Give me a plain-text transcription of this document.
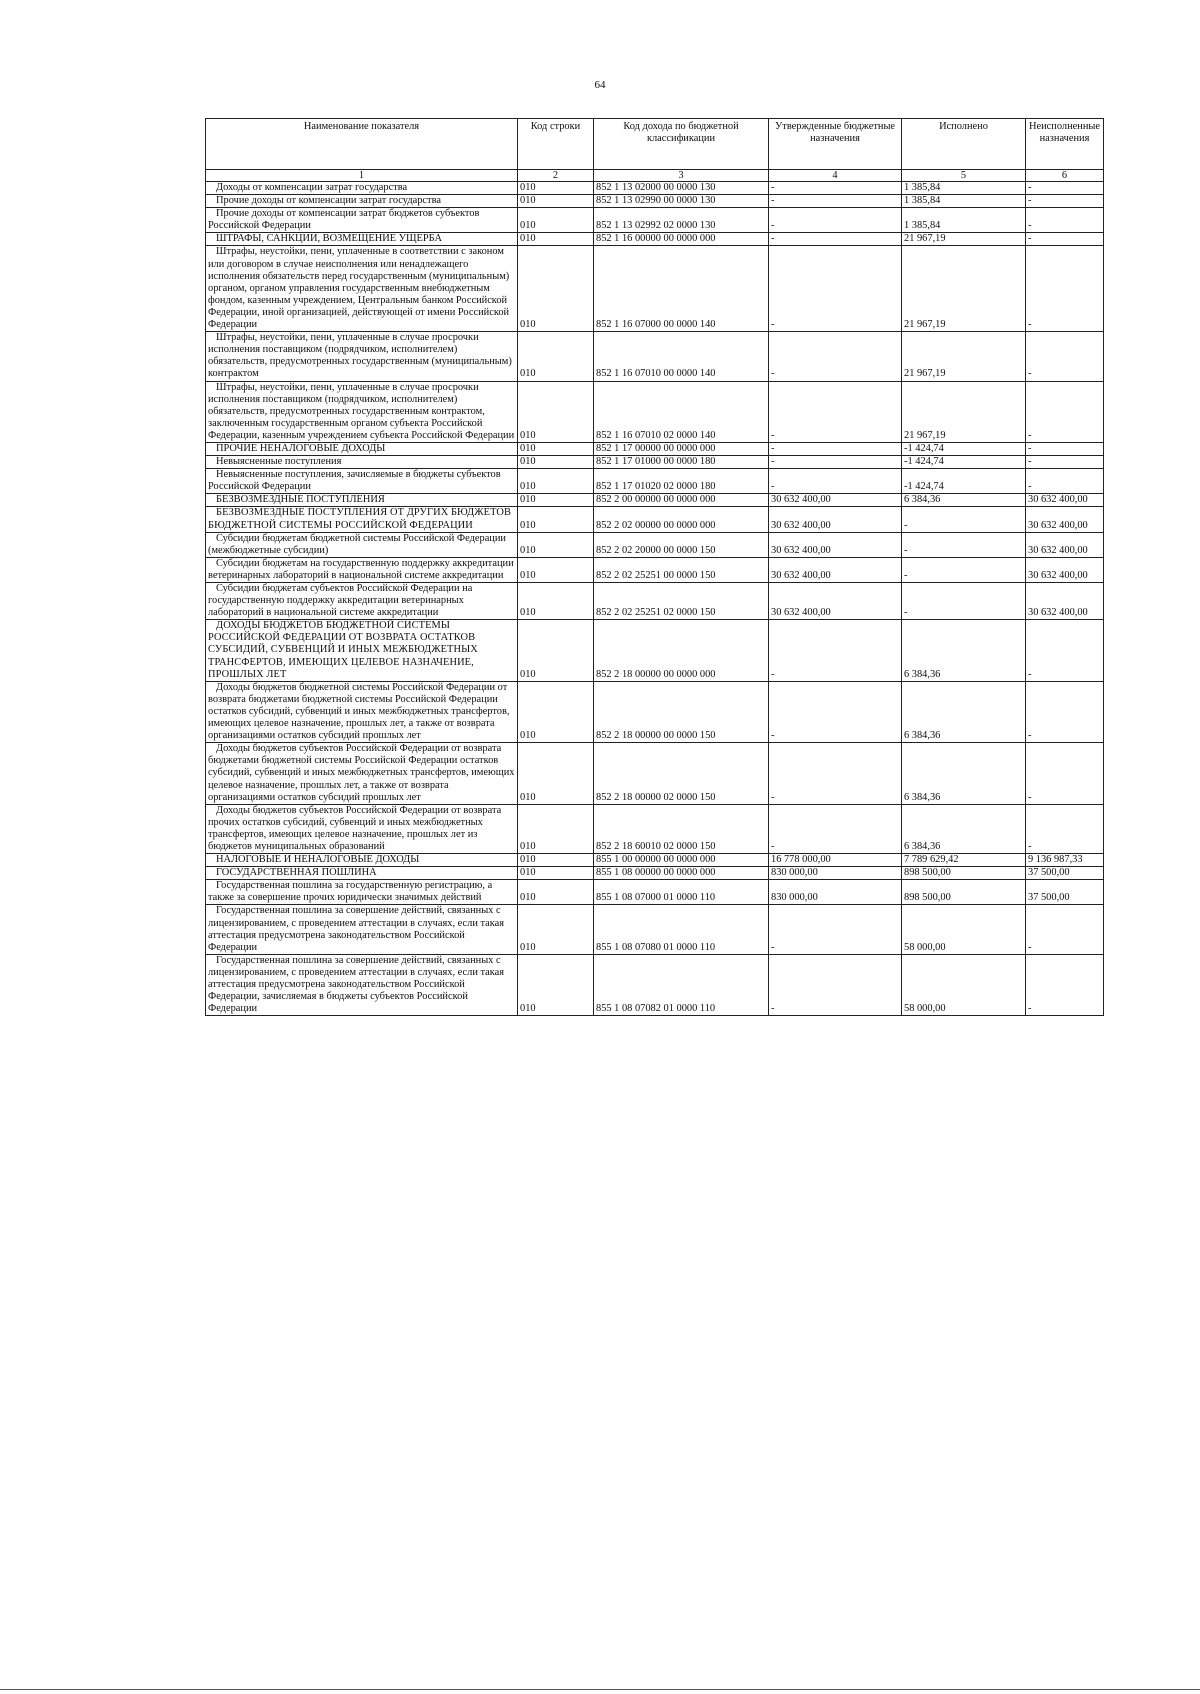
64
Наименование показателя	Код строки	Код дохода по бюджетной классификации	Утвержденные бюджетные назначения	Исполнено	Неисполненные назначения
1	2	3	4	5	6
Доходы от компенсации затрат государства	010	852 1 13 02000 00 0000 130	-	1 385,84	-
Прочие доходы от компенсации затрат государства	010	852 1 13 02990 00 0000 130	-	1 385,84	-
Прочие доходы от компенсации затрат бюджетов субъектов Российской Федерации	010	852 1 13 02992 02 0000 130	-	1 385,84	-
ШТРАФЫ, САНКЦИИ, ВОЗМЕЩЕНИЕ УЩЕРБА	010	852 1 16 00000 00 0000 000	-	21 967,19	-
Штрафы, неустойки, пени, уплаченные в соответствии с законом или договором в случае неисполнения или ненадлежащего исполнения обязательств перед государственным (муниципальным) органом, органом управления государственным внебюджетным фондом, казенным учреждением, Центральным банком Российской Федерации, иной организацией, действующей от имени Российской Федерации	010	852 1 16 07000 00 0000 140	-	21 967,19	-
Штрафы, неустойки, пени, уплаченные в случае просрочки исполнения поставщиком (подрядчиком, исполнителем) обязательств, предусмотренных государственным (муниципальным) контрактом	010	852 1 16 07010 00 0000 140	-	21 967,19	-
Штрафы, неустойки, пени, уплаченные в случае просрочки исполнения поставщиком (подрядчиком, исполнителем) обязательств, предусмотренных государственным контрактом, заключенным государственным органом субъекта Российской Федерации, казенным учреждением субъекта Российской Федерации	010	852 1 16 07010 02 0000 140	-	21 967,19	-
ПРОЧИЕ НЕНАЛОГОВЫЕ ДОХОДЫ	010	852 1 17 00000 00 0000 000	-	-1 424,74	-
Невыясненные поступления	010	852 1 17 01000 00 0000 180	-	-1 424,74	-
Невыясненные поступления, зачисляемые в бюджеты субъектов Российской Федерации	010	852 1 17 01020 02 0000 180	-	-1 424,74	-
БЕЗВОЗМЕЗДНЫЕ ПОСТУПЛЕНИЯ	010	852 2 00 00000 00 0000 000	30 632 400,00	6 384,36	30 632 400,00
БЕЗВОЗМЕЗДНЫЕ ПОСТУПЛЕНИЯ ОТ ДРУГИХ БЮДЖЕТОВ БЮДЖЕТНОЙ СИСТЕМЫ РОССИЙСКОЙ ФЕДЕРАЦИИ	010	852 2 02 00000 00 0000 000	30 632 400,00	-	30 632 400,00
Субсидии бюджетам бюджетной системы Российской Федерации (межбюджетные субсидии)	010	852 2 02 20000 00 0000 150	30 632 400,00	-	30 632 400,00
Субсидии бюджетам на государственную поддержку аккредитации ветеринарных лабораторий в национальной системе аккредитации	010	852 2 02 25251 00 0000 150	30 632 400,00	-	30 632 400,00
Субсидии бюджетам субъектов Российской Федерации на государственную поддержку аккредитации ветеринарных лабораторий в национальной системе аккредитации	010	852 2 02 25251 02 0000 150	30 632 400,00	-	30 632 400,00
ДОХОДЫ БЮДЖЕТОВ БЮДЖЕТНОЙ СИСТЕМЫ РОССИЙСКОЙ ФЕДЕРАЦИИ ОТ ВОЗВРАТА ОСТАТКОВ СУБСИДИЙ, СУБВЕНЦИЙ И ИНЫХ МЕЖБЮДЖЕТНЫХ ТРАНСФЕРТОВ, ИМЕЮЩИХ ЦЕЛЕВОЕ НАЗНАЧЕНИЕ, ПРОШЛЫХ ЛЕТ	010	852 2 18 00000 00 0000 000	-	6 384,36	-
Доходы бюджетов бюджетной системы Российской Федерации от возврата бюджетами бюджетной системы Российской Федерации остатков субсидий, субвенций и иных межбюджетных трансфертов, имеющих целевое назначение, прошлых лет, а также от возврата организациями остатков субсидий прошлых лет	010	852 2 18 00000 00 0000 150	-	6 384,36	-
Доходы бюджетов субъектов Российской Федерации от возврата бюджетами бюджетной системы Российской Федерации остатков субсидий, субвенций и иных межбюджетных трансфертов, имеющих целевое назначение, прошлых лет, а также от возврата организациями остатков субсидий прошлых лет	010	852 2 18 00000 02 0000 150	-	6 384,36	-
Доходы бюджетов субъектов Российской Федерации от возврата прочих остатков субсидий, субвенций и иных межбюджетных трансфертов, имеющих целевое назначение, прошлых лет из бюджетов муниципальных образований	010	852 2 18 60010 02 0000 150	-	6 384,36	-
НАЛОГОВЫЕ И НЕНАЛОГОВЫЕ ДОХОДЫ	010	855 1 00 00000 00 0000 000	16 778 000,00	7 789 629,42	9 136 987,33
ГОСУДАРСТВЕННАЯ ПОШЛИНА	010	855 1 08 00000 00 0000 000	830 000,00	898 500,00	37 500,00
Государственная пошлина за государственную регистрацию, а также за совершение прочих юридически значимых действий	010	855 1 08 07000 01 0000 110	830 000,00	898 500,00	37 500,00
Государственная пошлина за совершение действий, связанных с лицензированием, с проведением аттестации в случаях, если такая аттестация предусмотрена законодательством Российской Федерации	010	855 1 08 07080 01 0000 110	-	58 000,00	-
Государственная пошлина за совершение действий, связанных с лицензированием, с проведением аттестации в случаях, если такая аттестация предусмотрена законодательством Российской Федерации, зачисляемая в бюджеты субъектов Российской Федерации	010	855 1 08 07082 01 0000 110	-	58 000,00	-
